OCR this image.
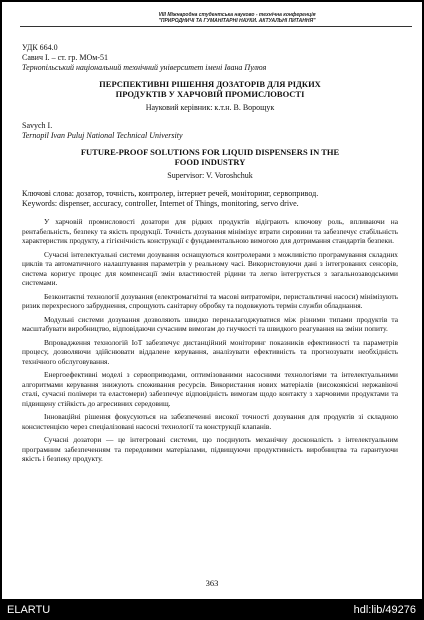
VIII Міжнародна студентська науково - технічна конференція
"ПРИРОДНИЧІ ТА ГУМАНІТАРНІ НАУКИ. АКТУАЛЬНІ ПИТАННЯ"
УДК 664.0
Савич І. – ст. гр. МОм-51
Тернопільський національний технічний університет імені Івана Пулюя
ПЕРСПЕКТИВНІ РІШЕННЯ ДОЗАТОРІВ ДЛЯ РІДКИХ
ПРОДУКТІВ У ХАРЧОВІЙ ПРОМИСЛОВОСТІ
Науковий керівник: к.т.н. В. Ворощук
Savych I.
Ternopil Ivan Puluj National Technical University
FUTURE-PROOF SOLUTIONS FOR LIQUID DISPENSERS IN THE
FOOD INDUSTRY
Supervisor: V. Voroshchuk
Ключові слова: дозатор, точність, контролер, інтернет речей, моніторинг, сервопривод.
Keywords: dispenser, accuracy, controller, Internet of Things, monitoring, servo drive.
У харчовій промисловості дозатори для рідких продуктів відіграють ключову роль, впливаючи на рентабельність, безпеку та якість продукції. Точність дозування мінімізує втрати сировини та забезпечує стабільність характеристик продукту, а гігієнічність конструкції є фундаментальною вимогою для дотримання стандартів безпеки.
Сучасні інтелектуальні системи дозування оснащуються контролерами з можливістю програмування складних циклів та автоматичного налаштування параметрів у реальному часі. Використовуючи дані з інтегрованих сенсорів, система коригує процес для компенсації змін властивостей рідини та легко інтегрується з загальнозаводськими системами.
Безконтактні технології дозування (електромагнітні та масові витратоміри, перистальтичні насоси) мінімізують ризик перехресного забруднення, спрощують санітарну обробку та подовжують термін служби обладнання.
Модульні системи дозування дозволяють швидко переналагоджуватися між різними типами продуктів та масштабувати виробництво, відповідаючи сучасним вимогам до гнучкості та швидкого реагування на зміни попиту.
Впровадження технологій IoT забезпечує дистанційний моніторинг показників ефективності та параметрів процесу, дозволяючи здійснювати віддалене керування, аналізувати ефективність та прогнозувати необхідність технічного обслуговування.
Енергоефективні моделі з сервоприводами, оптимізованими насосними технологіями та інтелектуальними алгоритмами керування знижують споживання ресурсів. Використання нових матеріалів (високоякісні нержавіючі сталі, сучасні полімери та еластомери) забезпечує відповідність вимогам щодо контакту з харчовими продуктами та підвищену стійкість до агресивних середовищ.
Інноваційні рішення фокусуються на забезпеченні високої точності дозування для продуктів зі складною консистенцією через спеціалізовані насосні технології та конструкції клапанів.
Сучасні дозатори — це інтегровані системи, що поєднують механічну досконалість з інтелектуальним програмним забезпеченням та передовими матеріалами, підвищуючи продуктивність виробництва та гарантуючи якість і безпеку продукту.
363
ELARTU	hdl:lib/49276
